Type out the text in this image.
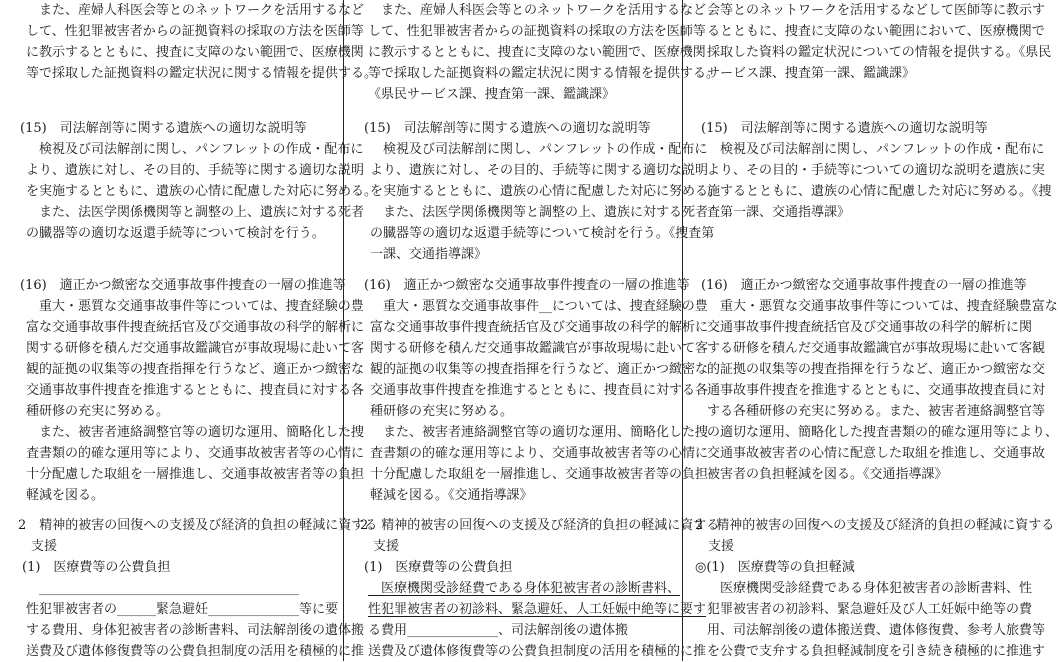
　また、産婦人科医会等とのネットワークを活用するなど
して、性犯罪被害者からの証拠資料の採取の方法を医師等
に教示するとともに、捜査に支障のない範囲で、医療機関
等で採取した証拠資料の鑑定状況に関する情報を提供する。
(15)　司法解剖等に関する遺族への適切な説明等
　検視及び司法解剖に関し、パンフレットの作成・配布に
より、遺族に対し、その目的、手続等に関する適切な説明
を実施するとともに、遺族の心情に配慮した対応に努める。
　また、法医学関係機関等と調整の上、遺族に対する死者
の臓器等の適切な返還手続等について検討を行う。
(16)　適正かつ緻密な交通事故事件捜査の一層の推進等
　重大・悪質な交通事故事件等については、捜査経験の豊
富な交通事故事件捜査統括官及び交通事故の科学的解析に
関する研修を積んだ交通事故鑑識官が事故現場に赴いて客
観的証拠の収集等の捜査指揮を行うなど、適正かつ緻密な
交通事故事件捜査を推進するとともに、捜査員に対する各
種研修の充実に努める。
　また、被害者連絡調整官等の適切な運用、簡略化した捜
査書類の的確な運用等により、交通事故被害者等の心情に
十分配慮した取組を一層推進し、交通事故被害者等の負担
軽減を図る。
2　精神的被害の回復への支援及び経済的負担の軽減に資する
　支援
(1)　医療費等の公費負担
　________________________________________
性犯罪被害者の______緊急避妊______________等に要
する費用、身体犯被害者の診断書料、司法解剖後の遺体搬
送費及び遺体修復費等の公費負担制度の活用を積極的に推
　また、産婦人科医会等とのネットワークを活用するなど
して、性犯罪被害者からの証拠資料の採取の方法を医師等
に教示するとともに、捜査に支障のない範囲で、医療機関
等で採取した証拠資料の鑑定状況に関する情報を提供する。
《県民サービス課、捜査第一課、鑑識課》
(15)　司法解剖等に関する遺族への適切な説明等
　検視及び司法解剖に関し、パンフレットの作成・配布に
より、遺族に対し、その目的、手続等に関する適切な説明
を実施するとともに、遺族の心情に配慮した対応に努める。
　また、法医学関係機関等と調整の上、遺族に対する死者
の臓器等の適切な返還手続等について検討を行う。《捜査第
一課、交通指導課》
(16)　適正かつ緻密な交通事故事件捜査の一層の推進等
　重大・悪質な交通事故事件__については、捜査経験の豊
富な交通事故事件捜査統括官及び交通事故の科学的解析に
関する研修を積んだ交通事故鑑識官が事故現場に赴いて客
観的証拠の収集等の捜査指揮を行うなど、適正かつ緻密な
交通事故事件捜査を推進するとともに、捜査員に対する各
種研修の充実に努める。
　また、被害者連絡調整官等の適切な運用、簡略化した捜
査書類の的確な運用等により、交通事故被害者等の心情に
十分配慮した取組を一層推進し、交通事故被害者等の負担
軽減を図る。《交通指導課》
2　精神的被害の回復への支援及び経済的負担の軽減に資する
　支援
(1)　医療費等の公費負担
　医療機関受診経費である身体犯被害者の診断書料、
性犯罪被害者の初診料、緊急避妊、人工妊娠中絶等に要す
る費用______________、司法解剖後の遺体搬
送費及び遺体修復費等の公費負担制度の活用を積極的に推
会等とのネットワークを活用するなどして医師等に教示す
るとともに、捜査に支障のない範囲において、医療機関で
採取した資料の鑑定状況についての情報を提供する。《県民
サービス課、捜査第一課、鑑識課》
(15)　司法解剖等に関する遺族への適切な説明等
　検視及び司法解剖に関し、パンフレットの作成・配布に
より、その目的・手続等についての適切な説明を遺族に実
施するとともに、遺族の心情に配慮した対応に努める。《捜
査第一課、交通指導課》
(16)　適正かつ緻密な交通事故事件捜査の一層の推進等
　重大・悪質な交通事故事件等については、捜査経験豊富な
交通事故事件捜査統括官及び交通事故の科学的解析に関
する研修を積んだ交通事故鑑識官が事故現場に赴いて客観
的証拠の収集等の捜査指揮を行うなど、適正かつ緻密な交
通事故事件捜査を推進するとともに、交通事故捜査員に対
する各種研修の充実に努める。また、被害者連絡調整官等
の適切な運用、簡略化した捜査書類の的確な運用等により、
交通事故被害者の心情に配意した取組を推進し、交通事故
被害者の負担軽減を図る。《交通指導課》
2　精神的被害の回復への支援及び経済的負担の軽減に資する
　支援
◎(1)　医療費等の負担軽減
　医療機関受診経費である身体犯被害者の診断書料、性
犯罪被害者の初診料、緊急避妊及び人工妊娠中絶等の費
用、司法解剖後の遺体搬送費、遺体修復費、参考人旅費等
を公費で支弁する負担軽減制度を引き続き積極的に推進す
